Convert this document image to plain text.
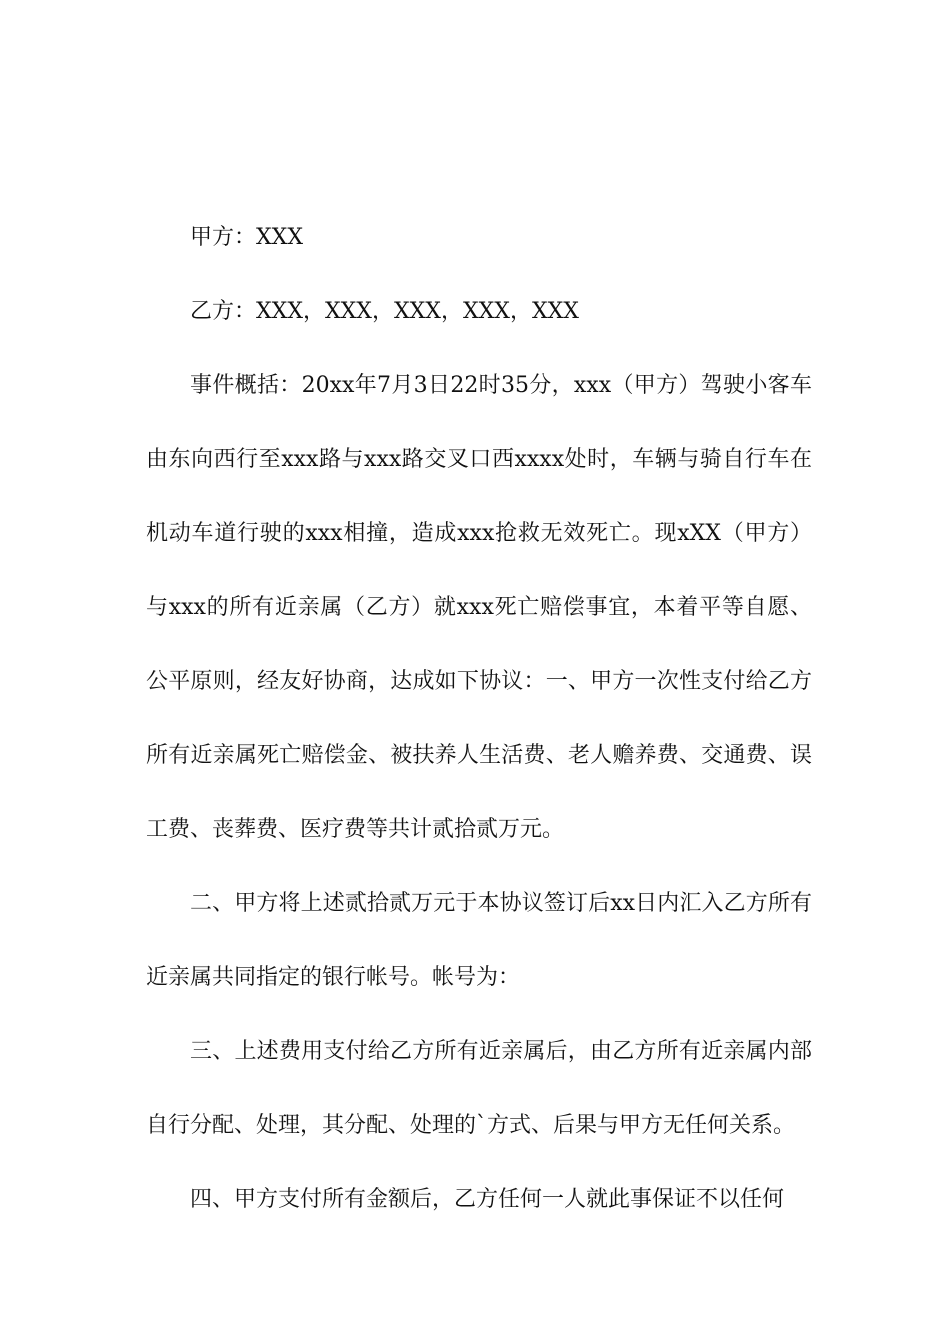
甲方：XXX

乙方：XXX，XXX，XXX，XXX，XXX

事件概括：20xx年7月3日22时35分，xxx（甲方）驾驶小客车由东向西行至xxx路与xxx路交叉口西xxxx处时，车辆与骑自行车在机动车道行驶的xxx相撞，造成xxx抢救无效死亡。现xXX（甲方）与xxx的所有近亲属（乙方）就xxx死亡赔偿事宜，本着平等自愿、公平原则，经友好协商，达成如下协议：一、甲方一次性支付给乙方所有近亲属死亡赔偿金、被扶养人生活费、老人赡养费、交通费、误工费、丧葬费、医疗费等共计贰拾贰万元。

二、甲方将上述贰拾贰万元于本协议签订后xx日内汇入乙方所有近亲属共同指定的银行帐号。帐号为：

三、上述费用支付给乙方所有近亲属后，由乙方所有近亲属内部自行分配、处理，其分配、处理的`方式、后果与甲方无任何关系。

四、甲方支付所有金额后，乙方任何一人就此事保证不以任何
